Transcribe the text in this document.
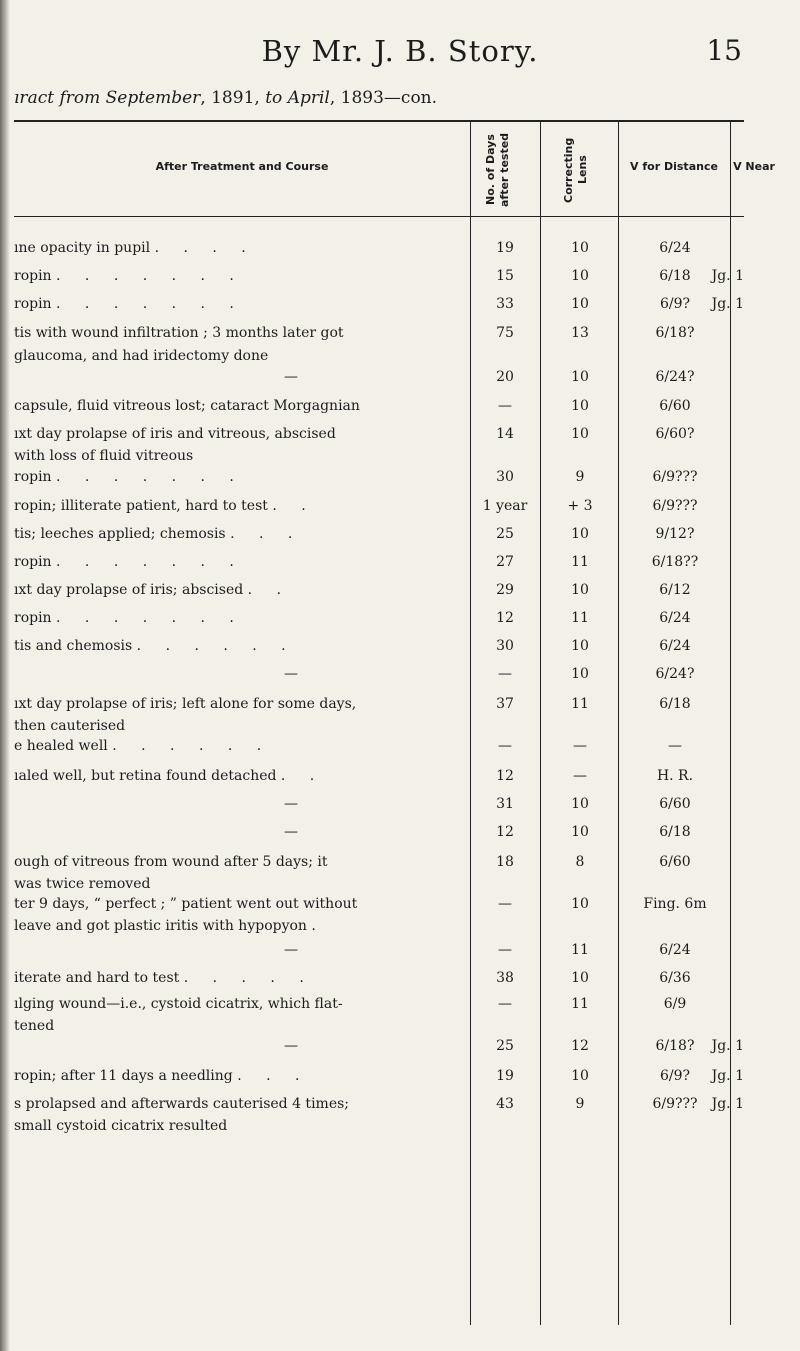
By Mr. J. B. Story.	15
ıract from September, 1891, to April, 1893—con.
After Treatment and Course	No. of Days after tested	Correcting Lens	V for Distance	V Near
ıne opacity in pupil . . . .	19	10	6/24
ropin . . . . . . .	15	10	6/18	Jg. 1
ropin . . . . . . .	33	10	6/9?	Jg. 1
tis with wound infiltration ; 3 months later got	75	13	6/18?
glaucoma, and had iridectomy done
—	20	10	6/24?
capsule, fluid vitreous lost; cataract Morgagnian	—	10	6/60
ıxt day prolapse of iris and vitreous, abscised	14	10	6/60?
with loss of fluid vitreous
ropin . . . . . . .	30	9	6/9???
ropin; illiterate patient, hard to test . .	1 year	+ 3	6/9???
tis; leeches applied; chemosis . . .	25	10	9/12?
ropin . . . . . . .	27	11	6/18??
ıxt day prolapse of iris; abscised . .	29	10	6/12
ropin . . . . . . .	12	11	6/24
tis and chemosis . . . . . .	30	10	6/24
—	—	10	6/24?
ıxt day prolapse of iris; left alone for some days,	37	11	6/18
then cauterised
e healed well . . . . . .	—	—	—
ıaled well, but retina found detached . .	12	—	H. R.
—	31	10	6/60
—	12	10	6/18
ough of vitreous from wound after 5 days; it	18	8	6/60
was twice removed
ter 9 days, “ perfect ; ” patient went out without	—	10	Fing. 6m
leave and got plastic iritis with hypopyon .
—	—	11	6/24
iterate and hard to test . . . . .	38	10	6/36
ılging wound—i.e., cystoid cicatrix, which flat-	—	11	6/9
tened
—	25	12	6/18?	Jg. 1
ropin; after 11 days a needling . . .	19	10	6/9?	Jg. 1
s prolapsed and afterwards cauterised 4 times;	43	9	6/9???	Jg. 1
small cystoid cicatrix resulted
